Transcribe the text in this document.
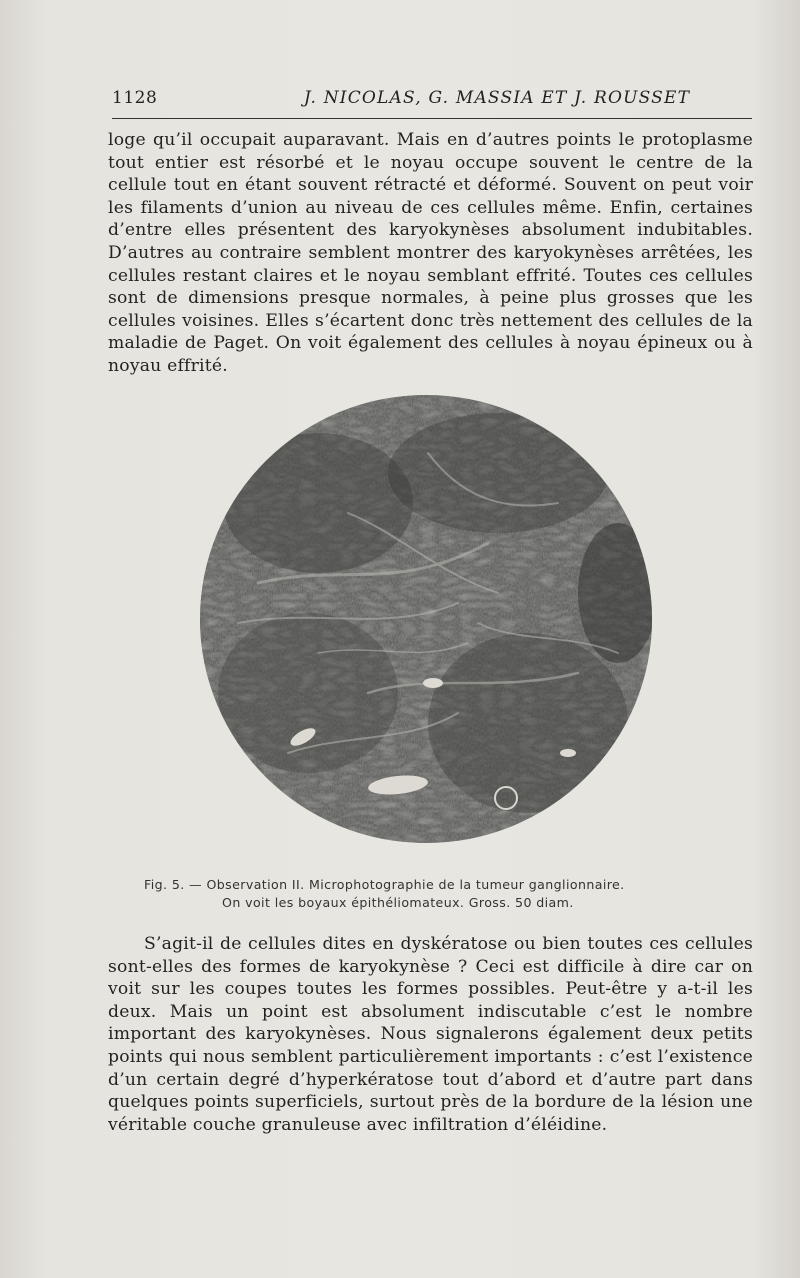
1128	J. NICOLAS, G. MASSIA ET J. ROUSSET

loge qu’il occupait auparavant. Mais en d’autres points le protoplasme tout entier est résorbé et le noyau occupe souvent le centre de la cellule tout en étant souvent rétracté et déformé. Souvent on peut voir les filaments d’union au niveau de ces cellules même. Enfin, certaines d’entre elles présentent des karyokynèses absolument indubitables. D’autres au contraire semblent montrer des karyokynèses arrêtées, les cellules restant claires et le noyau semblant effrité. Toutes ces cellules sont de dimensions presque normales, à peine plus grosses que les cellules voisines. Elles s’écartent donc très nettement des cellules de la maladie de Paget. On voit également des cellules à noyau épineux ou à noyau effrité.

Fig. 5. — Observation II. Microphotographie de la tumeur ganglionnaire.
On voit les boyaux épithéliomateux. Gross. 50 diam.

S’agit-il de cellules dites en dyskératose ou bien toutes ces cellules sont-elles des formes de karyokynèse ? Ceci est difficile à dire car on voit sur les coupes toutes les formes possibles. Peut-être y a-t-il les deux. Mais un point est absolument indiscutable c’est le nombre important des karyokynèses. Nous signalerons également deux petits points qui nous semblent particulièrement importants : c’est l’existence d’un certain degré d’hyperkératose tout d’abord et d’autre part dans quelques points superficiels, surtout près de la bordure de la lésion une véritable couche granuleuse avec infiltration d’éléidine.
